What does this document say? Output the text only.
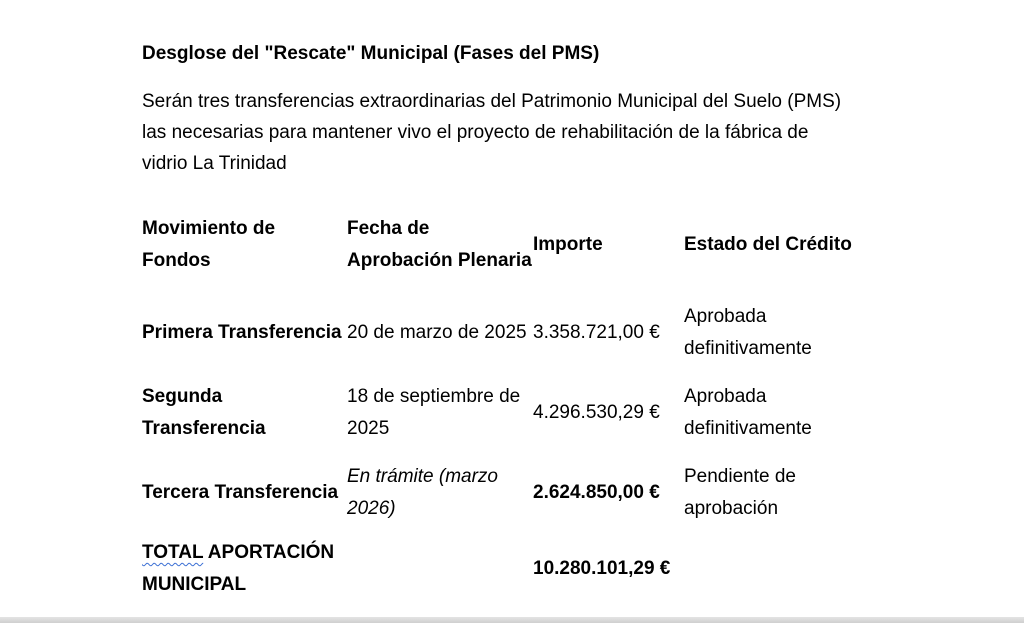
Desglose del "Rescate" Municipal (Fases del PMS)

Serán tres transferencias extraordinarias del Patrimonio Municipal del Suelo (PMS) las necesarias para mantener vivo el proyecto de rehabilitación de la fábrica de vidrio La Trinidad

Movimiento de Fondos	Fecha de Aprobación Plenaria	Importe	Estado del Crédito
Primera Transferencia	20 de marzo de 2025	3.358.721,00 €	Aprobada definitivamente
Segunda Transferencia	18 de septiembre de 2025	4.296.530,29 €	Aprobada definitivamente
Tercera Transferencia	En trámite (marzo 2026)	2.624.850,00 €	Pendiente de aprobación
TOTAL APORTACIÓN MUNICIPAL		10.280.101,29 €	
